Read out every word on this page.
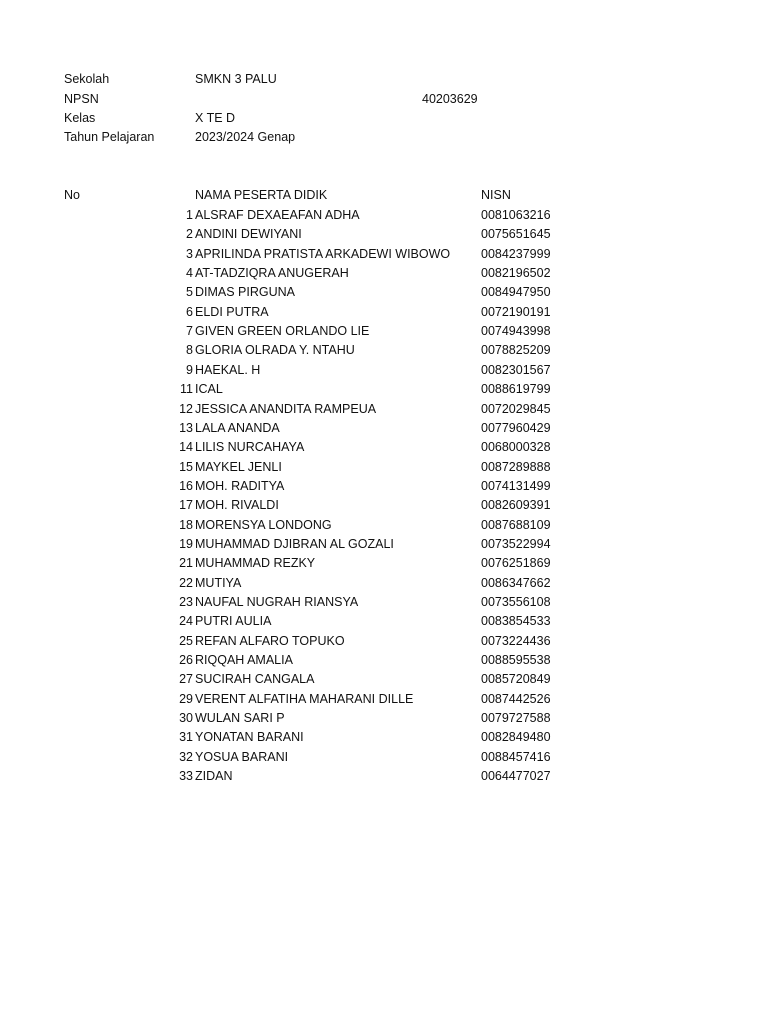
Sekolah	SMKN 3 PALU
NPSN	40203629
Kelas	X TE D
Tahun Pelajaran	2023/2024 Genap
No	NAMA PESERTA DIDIK	NISN
1 ALSRAF DEXAEAFAN ADHA	0081063216
2 ANDINI DEWIYANI	0075651645
3 APRILINDA PRATISTA ARKADEWI WIBOWO 0084237999
4 AT-TADZIQRA ANUGERAH	0082196502
5 DIMAS PIRGUNA	0084947950
6 ELDI PUTRA	0072190191
7 GIVEN GREEN ORLANDO LIE	0074943998
8 GLORIA OLRADA Y. NTAHU	0078825209
9 HAEKAL. H	0082301567
11 ICAL	0088619799
12 JESSICA ANANDITA RAMPEUA	0072029845
13 LALA ANANDA	0077960429
14 LILIS NURCAHAYA	0068000328
15 MAYKEL JENLI	0087289888
16 MOH. RADITYA	0074131499
17 MOH. RIVALDI	0082609391
18 MORENSYA LONDONG	0087688109
19 MUHAMMAD DJIBRAN AL GOZALI	0073522994
21 MUHAMMAD REZKY	0076251869
22 MUTIYA	0086347662
23 NAUFAL NUGRAH RIANSYA	0073556108
24 PUTRI AULIA	0083854533
25 REFAN ALFARO TOPUKO	0073224436
26 RIQQAH AMALIA	0088595538
27 SUCIRAH CANGALA	0085720849
29 VERENT ALFATIHA MAHARANI DILLE	0087442526
30 WULAN SARI P	0079727588
31 YONATAN BARANI	0082849480
32 YOSUA BARANI	0088457416
33 ZIDAN	0064477027
